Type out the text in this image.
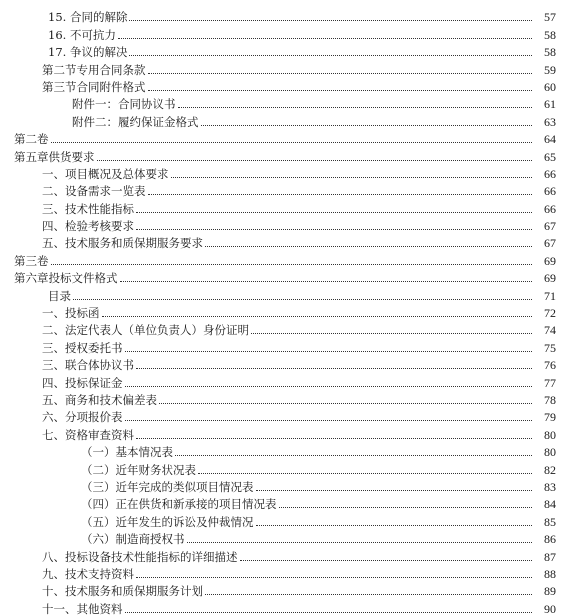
15. 合同的解除	57
16. 不可抗力	58
17. 争议的解决	58
第二节专用合同条款	59
第三节合同附件格式	60
附件一：合同协议书	61
附件二：履约保证金格式	63
第二卷	64
第五章供货要求	65
一、项目概况及总体要求	66
二、设备需求一览表	66
三、技术性能指标	66
四、检验考核要求	67
五、技术服务和质保期服务要求	67
第三卷	69
第六章投标文件格式	69
目录	71
一、投标函	72
二、法定代表人（单位负责人）身份证明	74
三、授权委托书	75
三、联合体协议书	76
四、投标保证金	77
五、商务和技术偏差表	78
六、分项报价表	79
七、资格审查资料	80
（一）基本情况表	80
（二）近年财务状况表	82
（三）近年完成的类似项目情况表	83
（四）正在供货和新承接的项目情况表	84
（五）近年发生的诉讼及仲裁情况	85
（六）制造商授权书	86
八、投标设备技术性能指标的详细描述	87
九、技术支持资料	88
十、技术服务和质保期服务计划	89
十一、其他资料	90
